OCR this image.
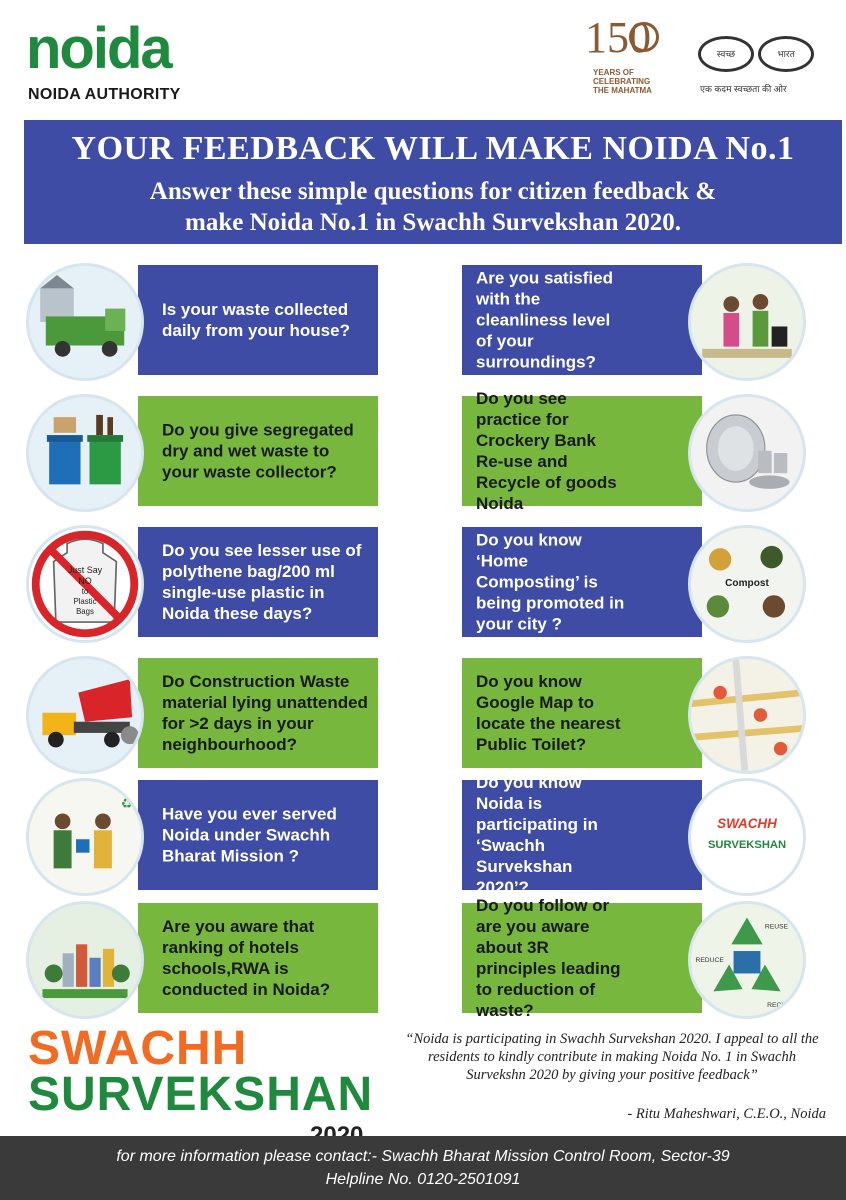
noida
NOIDA AUTHORITY
150
YEARS OF
CELEBRATING
THE MAHATMA
स्वच्छ	भारत
एक कदम स्वच्छता की ओर
YOUR FEEDBACK WILL MAKE NOIDA No.1
Answer these simple questions for citizen feedback &
make Noida No.1 in Swachh Survekshan 2020.
Is your waste collected daily from your house?
Do you give segregated dry and wet waste to your waste collector?
Do you see lesser use of polythene bag/200 ml single-use plastic in Noida these days?
Just Say
NO
to
Plastic
Bags
Do Construction Waste material lying unattended for >2 days in your neighbourhood?
Have you ever served Noida under Swachh Bharat Mission ?
♻
Are you aware that ranking of hotels schools,RWA is conducted in Noida?
Are you satisfied with the cleanliness level of your surroundings?
Do you see practice for Crockery Bank Re-use and Recycle of goods Noida
Do you know ‘Home Composting’ is being promoted in your city ?
Compost
Do you know Google Map to locate the nearest Public Toilet?
Do you know Noida is participating in ‘Swachh Survekshan 2020’?
SWACHH
SURVEKSHAN
Do you follow or are you aware about 3R principles leading to reduction of waste?
REUSE
REDUCE
RECYCLE
SWACHH
SURVEKSHAN
“Noida is participating in Swachh Survekshan 2020. I appeal to all the residents to kindly contribute in making Noida No. 1 in Swachh Survekshn 2020 by giving your positive feedback”
- Ritu Maheshwari, C.E.O., Noida
for more information please contact:- Swachh Bharat Mission Control Room, Sector-39
Helpline No. 0120-2501091
